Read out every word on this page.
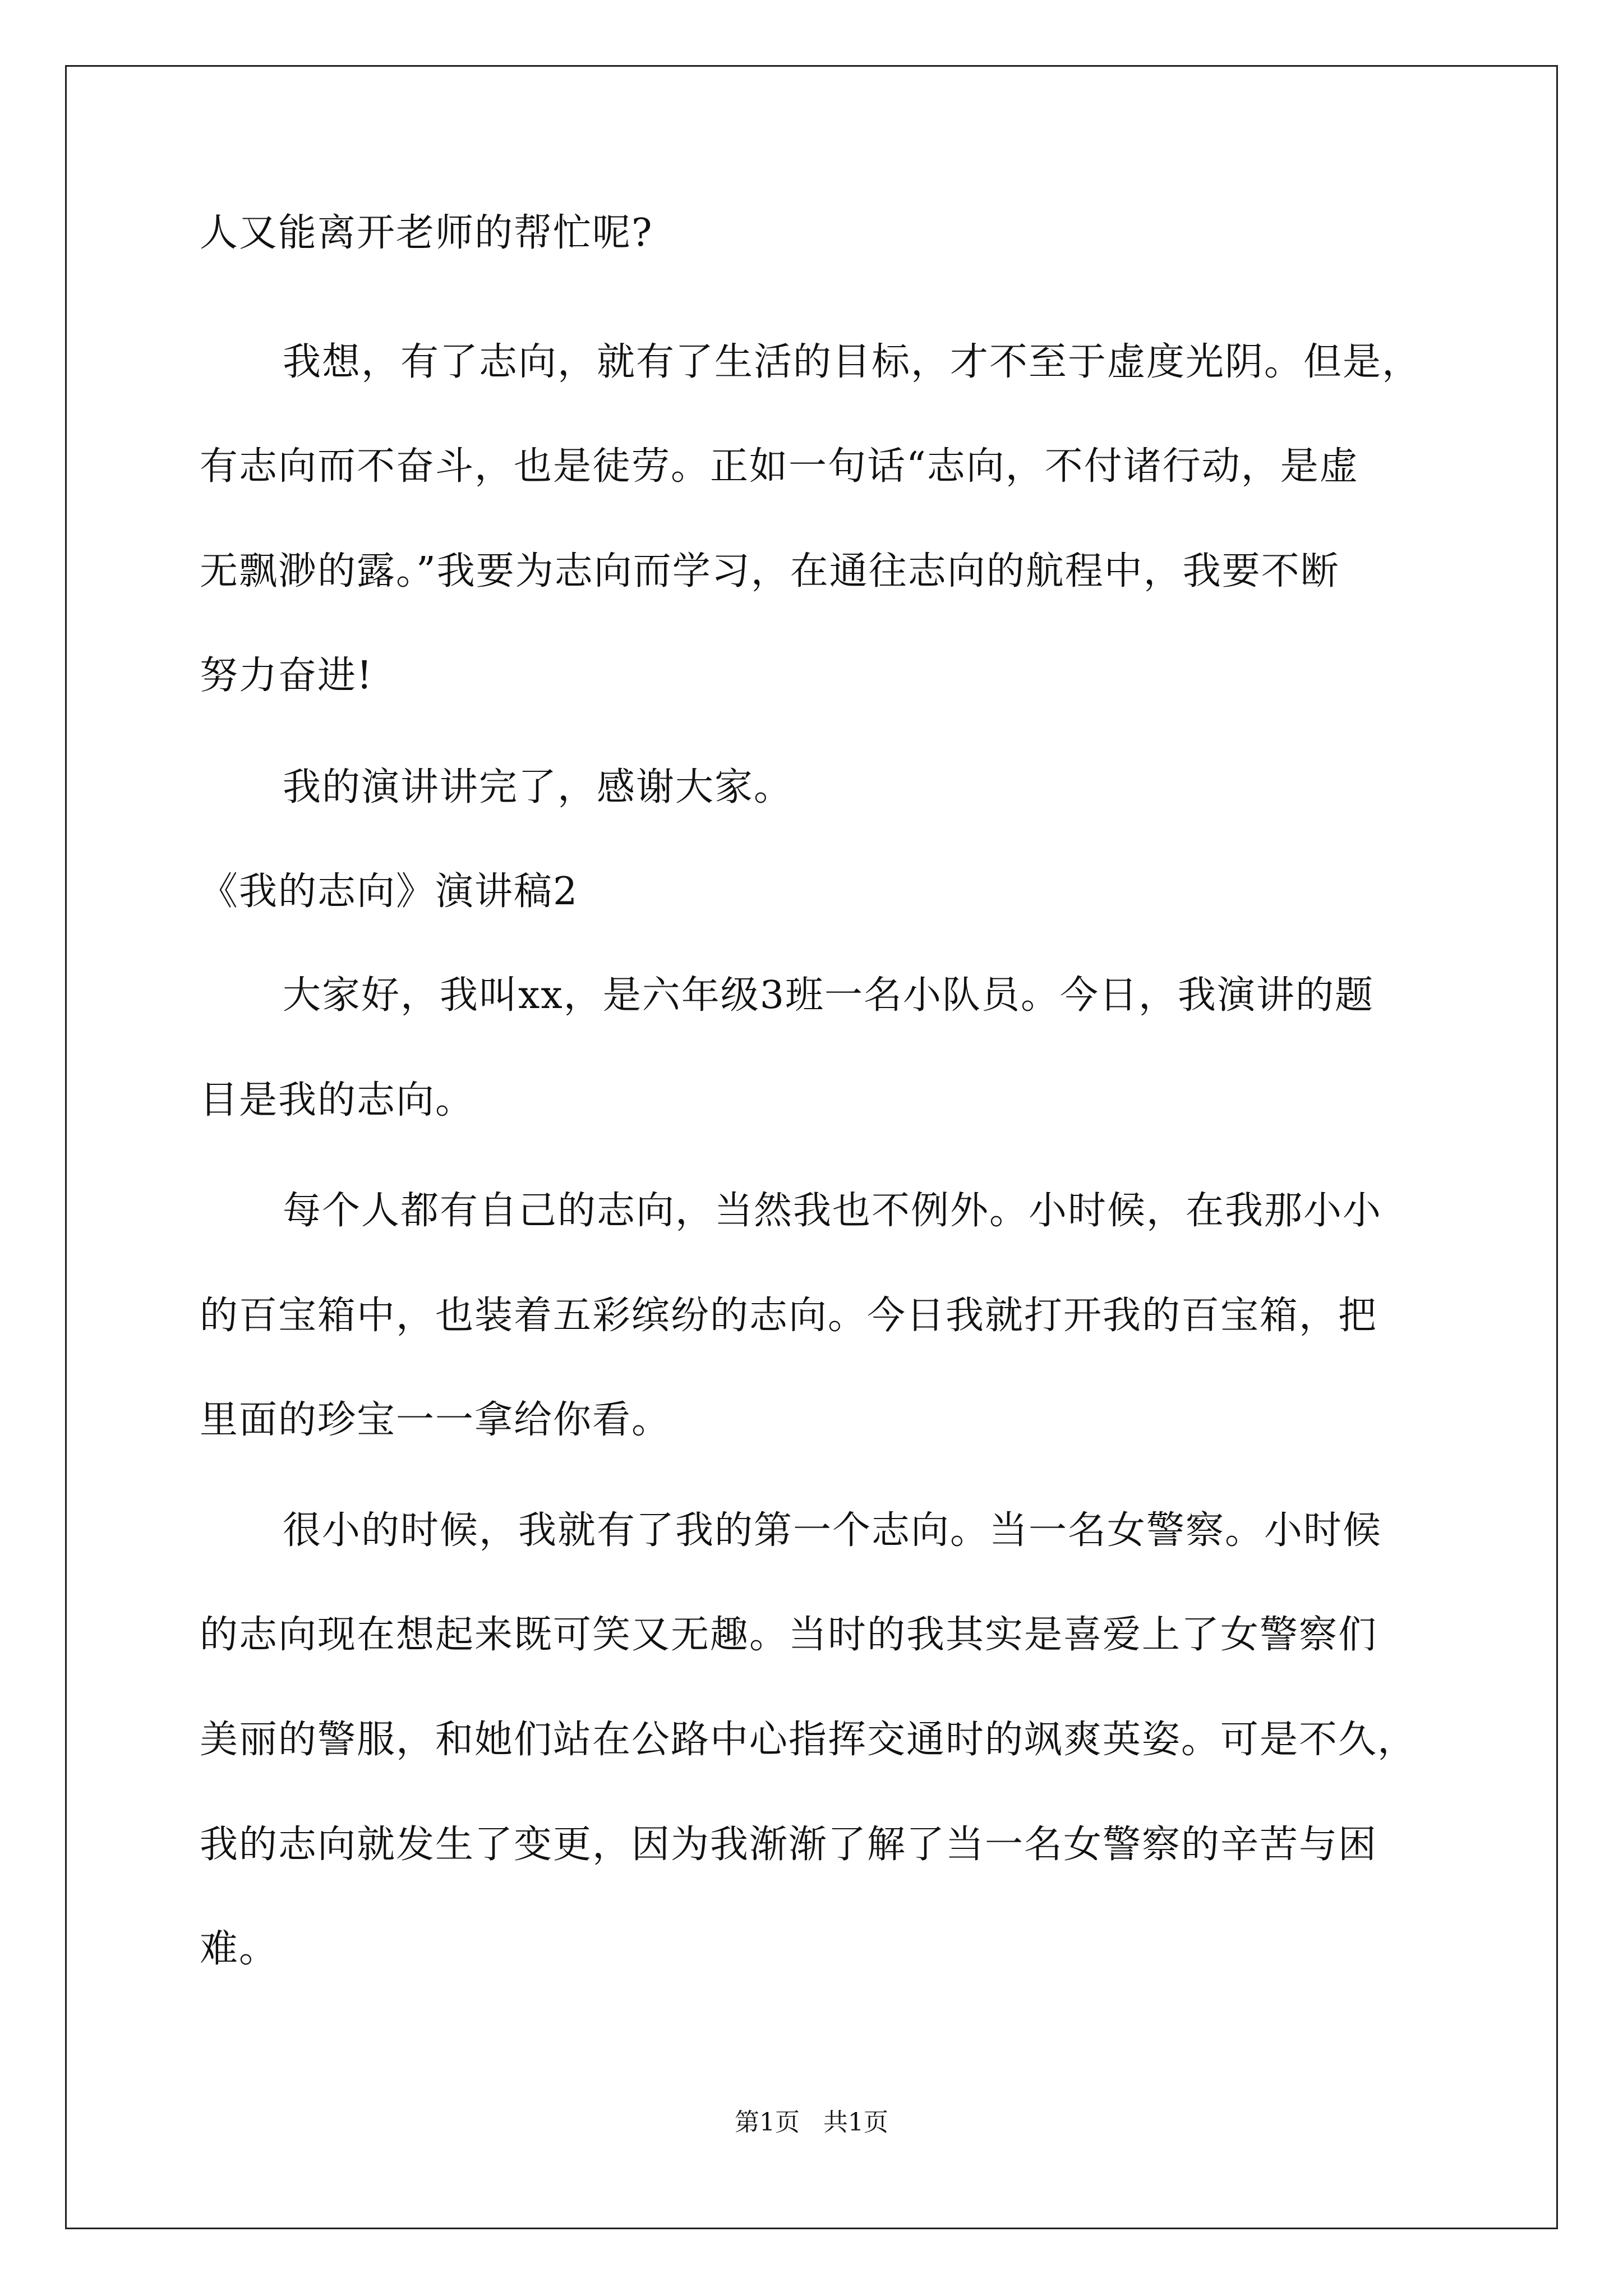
人又能离开老师的帮忙呢?
我想，有了志向，就有了生活的目标，才不至于虚度光阴。但是，
有志向而不奋斗，也是徒劳。正如一句话“志向，不付诸行动，是虚
无飘渺的露。”我要为志向而学习，在通往志向的航程中，我要不断
努力奋进!
我的演讲讲完了，感谢大家。
《我的志向》演讲稿2
大家好，我叫xx，是六年级3班一名小队员。今日，我演讲的题
目是我的志向。
每个人都有自己的志向，当然我也不例外。小时候，在我那小小
的百宝箱中，也装着五彩缤纷的志向。今日我就打开我的百宝箱，把
里面的珍宝一一拿给你看。
很小的时候，我就有了我的第一个志向。当一名女警察。小时候
的志向现在想起来既可笑又无趣。当时的我其实是喜爱上了女警察们
美丽的警服，和她们站在公路中心指挥交通时的飒爽英姿。可是不久，
我的志向就发生了变更，因为我渐渐了解了当一名女警察的辛苦与困
难。
第1页   共1页
